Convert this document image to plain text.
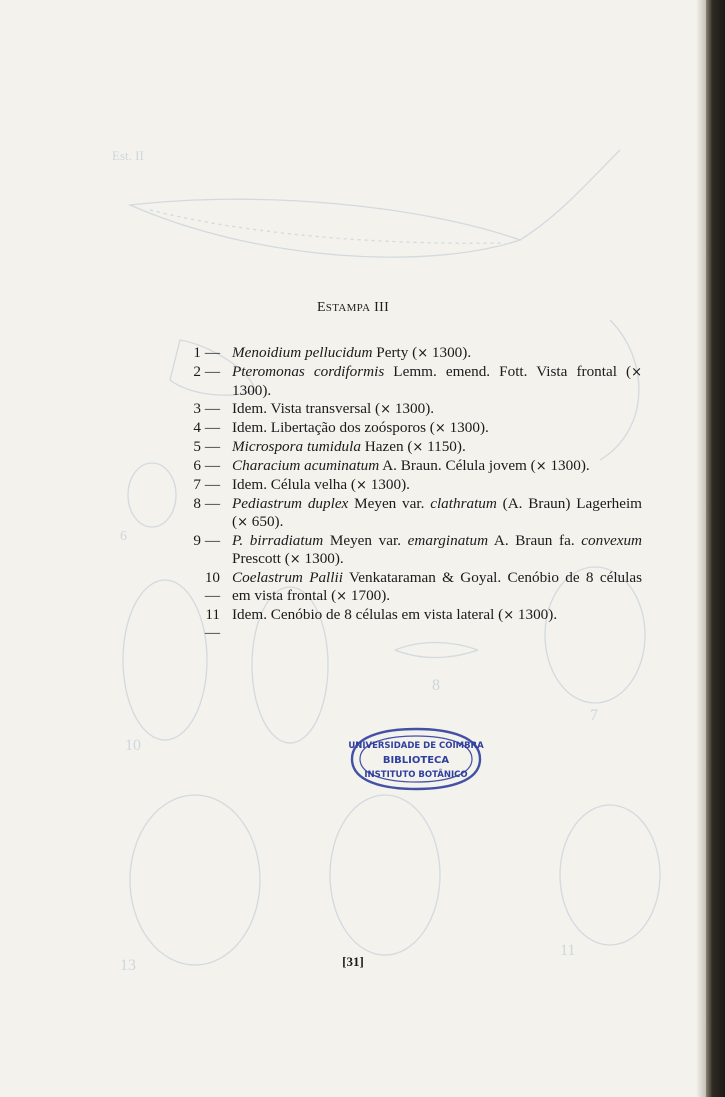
Est. II
10
7
8
13
11
6
ESTAMPA III
1 — Menoidium pellucidum Perty (× 1300).
2 — Pteromonas cordiformis Lemm. emend. Fott. Vista frontal (× 1300).
3 — Idem. Vista transversal (× 1300).
4 — Idem. Libertação dos zoósporos (× 1300).
5 — Microspora tumidula Hazen (× 1150).
6 — Characium acuminatum A. Braun. Célula jovem (× 1300).
7 — Idem. Célula velha (× 1300).
8 — Pediastrum duplex Meyen var. clathratum (A. Braun) Lagerheim (× 650).
9 — P. birradiatum Meyen var. emarginatum A. Braun fa. convexum Prescott (× 1300).
10 —
Coelastrum Pallii Venkataraman & Goyal. Cenóbio de 8 células em vista frontal (× 1700).
11 —
Idem. Cenóbio de 8 células em vista lateral (× 1300).
UNIVERSIDADE DE COIMBRA
BIBLIOTECA
INSTITUTO BOTÂNICO
[31]
